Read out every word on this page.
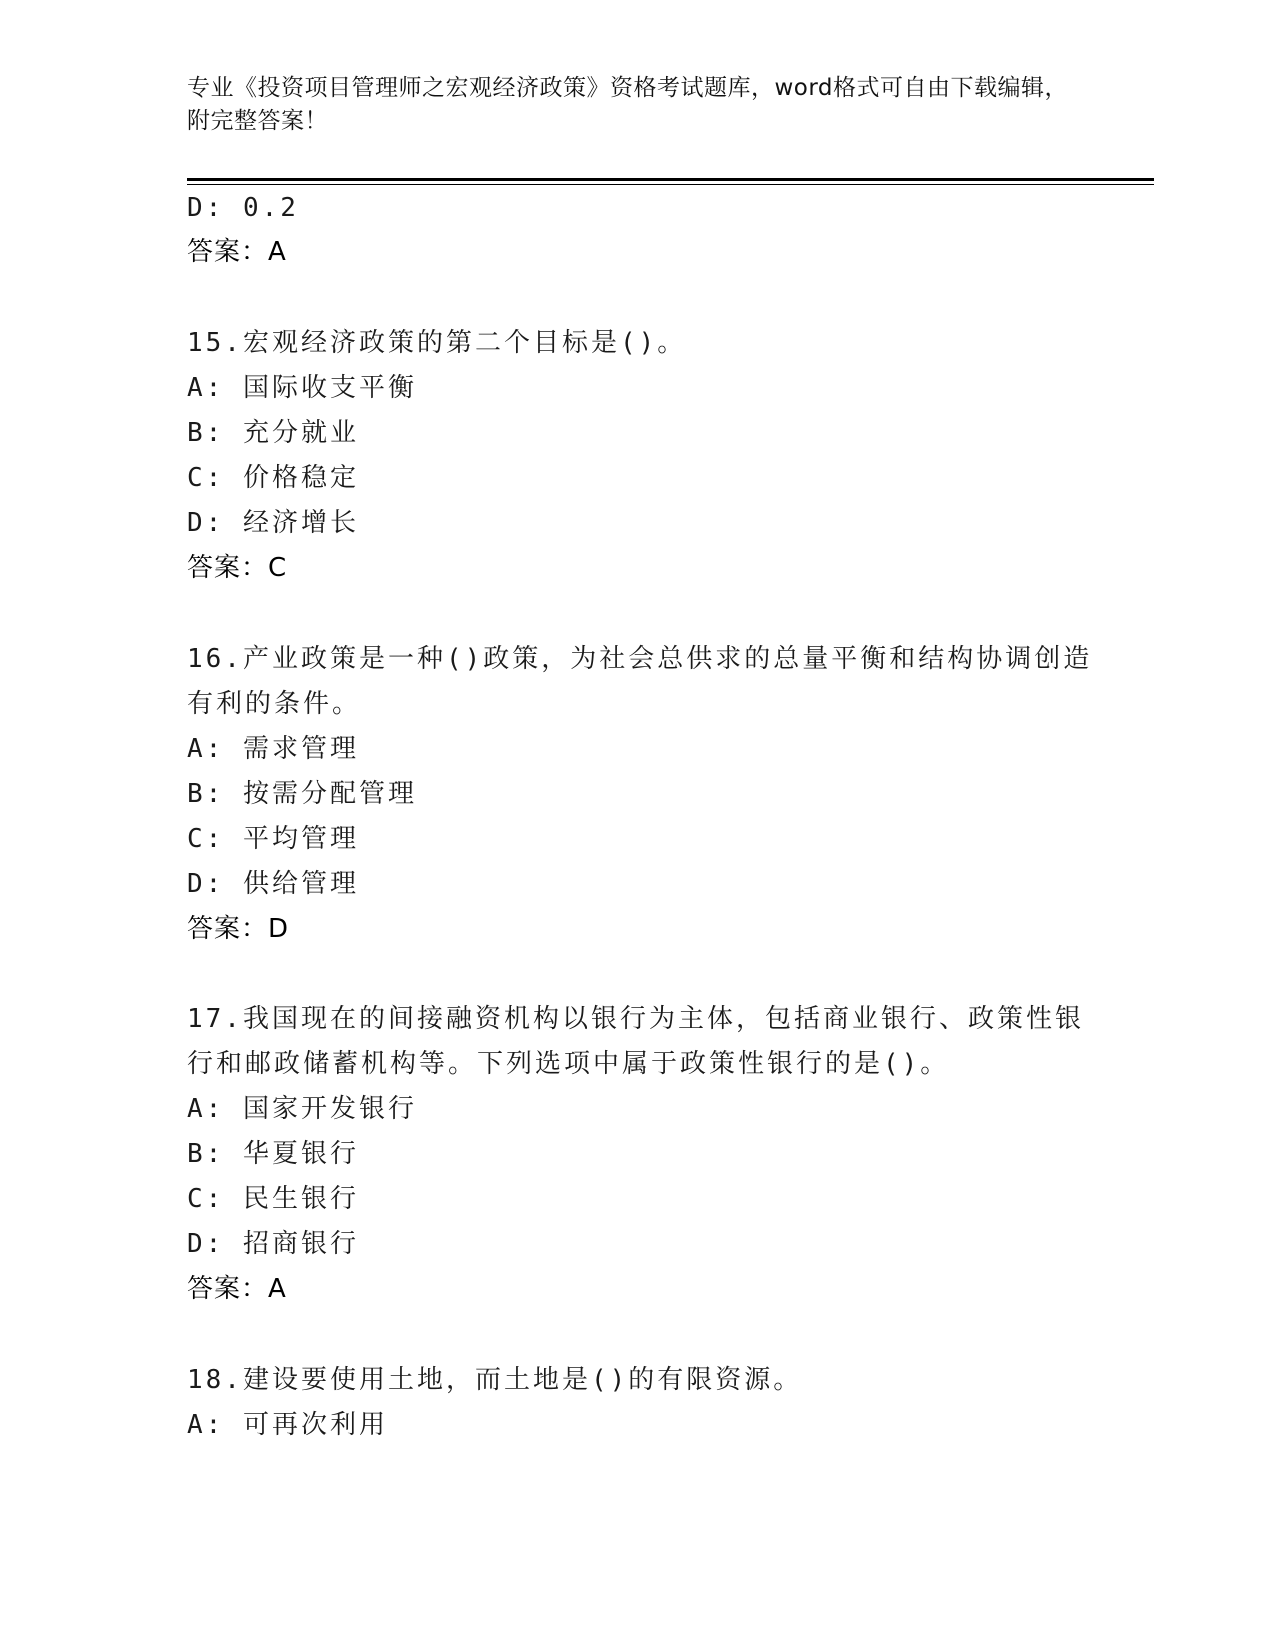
专业《投资项目管理师之宏观经济政策》资格考试题库，word格式可自由下载编辑，附完整答案！
D: 0.2
答案：A
15.宏观经济政策的第二个目标是()。
A: 国际收支平衡
B: 充分就业
C: 价格稳定
D: 经济增长
答案：C
16.产业政策是一种()政策，为社会总供求的总量平衡和结构协调创造
有利的条件。
A: 需求管理
B: 按需分配管理
C: 平均管理
D: 供给管理
答案：D
17.我国现在的间接融资机构以银行为主体，包括商业银行、政策性银
行和邮政储蓄机构等。下列选项中属于政策性银行的是()。
A: 国家开发银行
B: 华夏银行
C: 民生银行
D: 招商银行
答案：A
18.建设要使用土地，而土地是()的有限资源。
A: 可再次利用
